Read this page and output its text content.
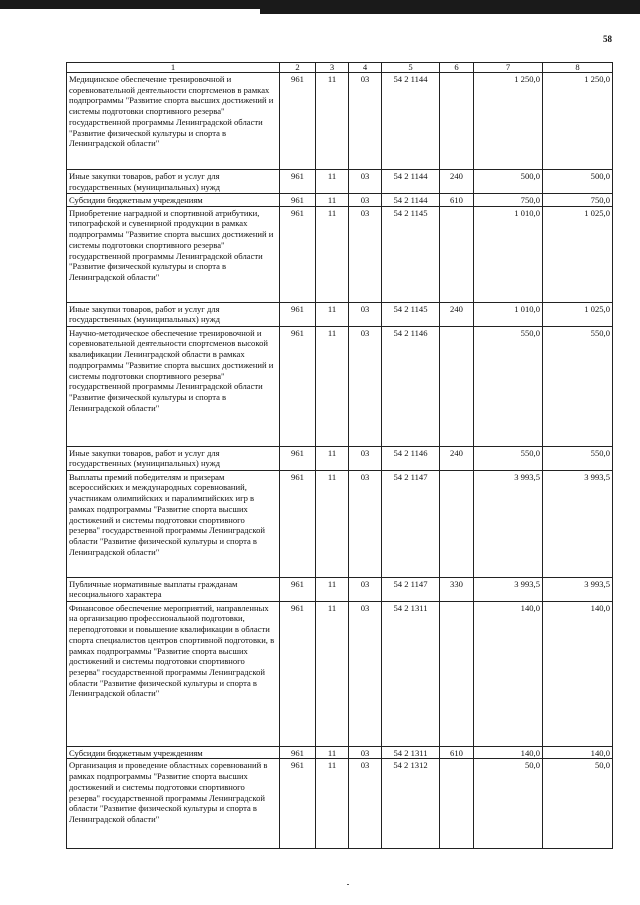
58
1	2	3	4	5	6	7	8
Медицинское обеспечение тренировочной и соревновательной деятельности спортсменов в рамках подпрограммы "Развитие спорта высших достижений и системы подготовки спортивного резерва" государственной программы Ленинградской области "Развитие физической культуры и спорта в Ленинградской области"	961	11	03	54 2 1144		1 250,0	1 250,0
Иные закупки товаров, работ и услуг для государственных (муниципальных) нужд	961	11	03	54 2 1144	240	500,0	500,0
Субсидии бюджетным учреждениям	961	11	03	54 2 1144	610	750,0	750,0
Приобретение наградной и спортивной атрибутики, типографской и сувенирной продукции в рамках подпрограммы "Развитие спорта высших достижений и системы подготовки спортивного резерва" государственной программы Ленинградской области "Развитие физической культуры и спорта в Ленинградской области"	961	11	03	54 2 1145		1 010,0	1 025,0
Иные закупки товаров, работ и услуг для государственных (муниципальных) нужд	961	11	03	54 2 1145	240	1 010,0	1 025,0
Научно-методическое обеспечение тренировочной и соревновательной деятельности спортсменов высокой квалификации Ленинградской области в рамках подпрограммы "Развитие спорта высших достижений и системы подготовки спортивного резерва" государственной программы Ленинградской области "Развитие физической культуры и спорта в Ленинградской области"	961	11	03	54 2 1146		550,0	550,0
Иные закупки товаров, работ и услуг для государственных (муниципальных) нужд	961	11	03	54 2 1146	240	550,0	550,0
Выплаты премий победителям и призерам всероссийских и международных соревнований, участникам олимпийских и паралимпийских игр в рамках подпрограммы "Развитие спорта высших достижений и системы подготовки спортивного резерва" государственной программы Ленинградской области "Развитие физической культуры и спорта в Ленинградской области"	961	11	03	54 2 1147		3 993,5	3 993,5
Публичные нормативные выплаты гражданам несоциального характера	961	11	03	54 2 1147	330	3 993,5	3 993,5
Финансовое обеспечение мероприятий, направленных на организацию профессиональной подготовки, переподготовки и повышение квалификации в области спорта специалистов центров спортивной подготовки, в рамках подпрограммы "Развитие спорта высших достижений и системы подготовки спортивного резерва" государственной программы Ленинградской области "Развитие физической культуры и спорта в Ленинградской области"	961	11	03	54 2 1311		140,0	140,0
Субсидии бюджетным учреждениям	961	11	03	54 2 1311	610	140,0	140,0
Организация и проведение областных соревнований в рамках подпрограммы "Развитие спорта высших достижений и системы подготовки спортивного резерва" государственной программы Ленинградской области "Развитие физической культуры и спорта в Ленинградской области"	961	11	03	54 2 1312		50,0	50,0
